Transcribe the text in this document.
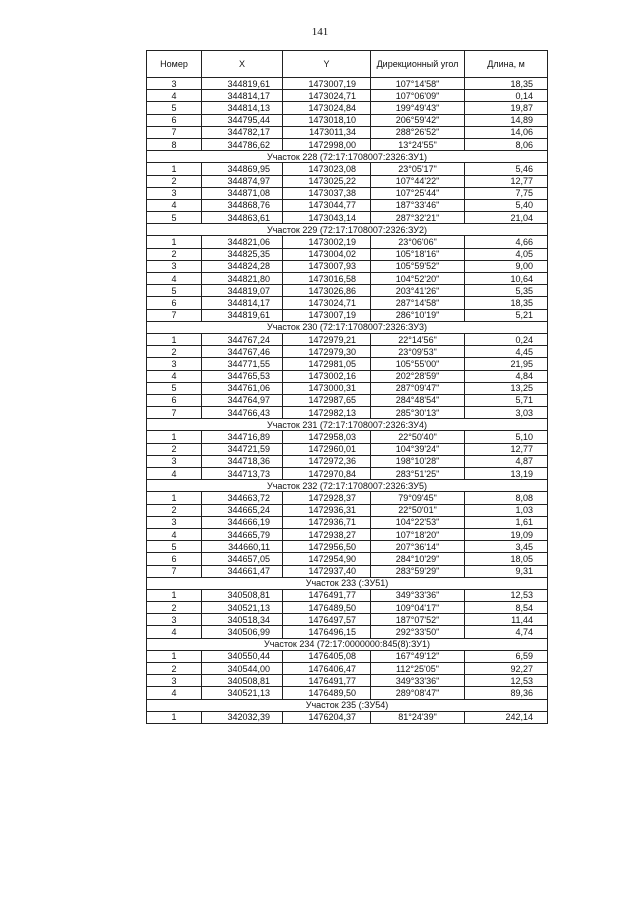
141
Номер	X	Y	Дирекционный угол	Длина, м
3	344819,61	1473007,19	107°14'58"	18,35
4	344814,17	1473024,71	107°06'09"	0,14
5	344814,13	1473024,84	199°49'43"	19,87
6	344795,44	1473018,10	206°59'42"	14,89
7	344782,17	1473011,34	288°26'52"	14,06
8	344786,62	1472998,00	13°24'55"	8,06
Участок 228 (72:17:1708007:2326:ЗУ1)				
1	344869,95	1473023,08	23°05'17"	5,46
2	344874,97	1473025,22	107°44'22"	12,77
3	344871,08	1473037,38	107°25'44"	7,75
4	344868,76	1473044,77	187°33'46"	5,40
5	344863,61	1473043,14	287°32'21"	21,04
Участок 229 (72:17:1708007:2326:ЗУ2)				
1	344821,06	1473002,19	23°06'06"	4,66
2	344825,35	1473004,02	105°18'16"	4,05
3	344824,28	1473007,93	105°59'52"	9,00
4	344821,80	1473016,58	104°52'20"	10,64
5	344819,07	1473026,86	203°41'26"	5,35
6	344814,17	1473024,71	287°14'58"	18,35
7	344819,61	1473007,19	286°10'19"	5,21
Участок 230 (72:17:1708007:2326:ЗУ3)				
1	344767,24	1472979,21	22°14'56"	0,24
2	344767,46	1472979,30	23°09'53"	4,45
3	344771,55	1472981,05	105°55'00"	21,95
4	344765,53	1473002,16	202°28'59"	4,84
5	344761,06	1473000,31	287°09'47"	13,25
6	344764,97	1472987,65	284°48'54"	5,71
7	344766,43	1472982,13	285°30'13"	3,03
Участок 231 (72:17:1708007:2326:ЗУ4)				
1	344716,89	1472958,03	22°50'40"	5,10
2	344721,59	1472960,01	104°39'24"	12,77
3	344718,36	1472972,36	198°10'28"	4,87
4	344713,73	1472970,84	283°51'25"	13,19
Участок 232 (72:17:1708007:2326:ЗУ5)				
1	344663,72	1472928,37	79°09'45"	8,08
2	344665,24	1472936,31	22°50'01"	1,03
3	344666,19	1472936,71	104°22'53"	1,61
4	344665,79	1472938,27	107°18'20"	19,09
5	344660,11	1472956,50	207°36'14"	3,45
6	344657,05	1472954,90	284°10'29"	18,05
7	344661,47	1472937,40	283°59'29"	9,31
Участок 233 (:ЗУ51)				
1	340508,81	1476491,77	349°33'36"	12,53
2	340521,13	1476489,50	109°04'17"	8,54
3	340518,34	1476497,57	187°07'52"	11,44
4	340506,99	1476496,15	292°33'50"	4,74
Участок 234 (72:17:0000000:845(8):ЗУ1)				
1	340550,44	1476405,08	167°49'12"	6,59
2	340544,00	1476406,47	112°25'05"	92,27
3	340508,81	1476491,77	349°33'36"	12,53
4	340521,13	1476489,50	289°08'47"	89,36
Участок 235 (:ЗУ54)				
1	342032,39	1476204,37	81°24'39"	242,14
